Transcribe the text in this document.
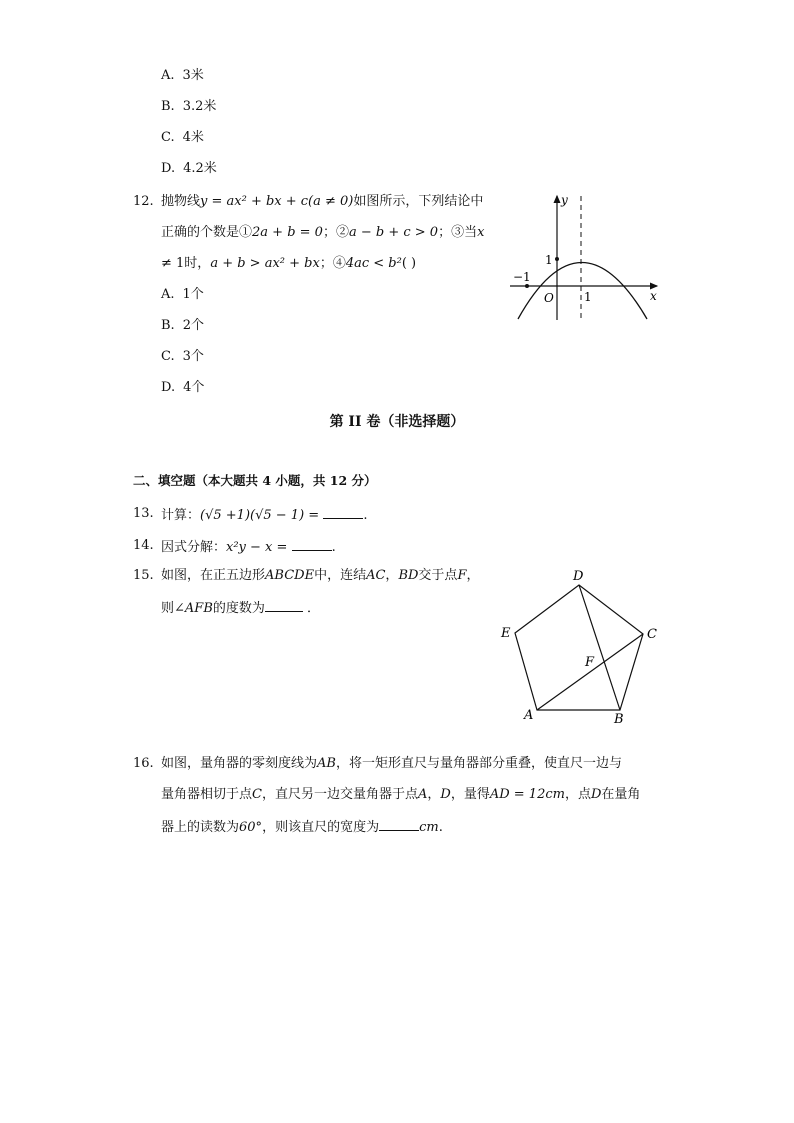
A. 3米
B. 3.2米
C. 4米
D. 4.2米
12. 抛物线y = ax² + bx + c(a ≠ 0)如图所示，下列结论中
正确的个数是①2a + b = 0；②a − b + c > 0；③当x
≠ 1时，a + b > ax² + bx；④4ac < b²( )
A. 1个
B. 2个
C. 3个
D. 4个
y
x
1
−1
O	1
第 II 卷（非选择题）
二、填空题（本大题共 4 小题，共 12 分）
13. 计算：(√5 +1)(√5 − 1) =	.
14. 因式分解：x²y − x =	.
15. 如图，在正五边形ABCDE中，连结AC，BD交于点F，
则∠AFB的度数为	．
A	B
C
D
E
F
16. 如图，量角器的零刻度线为AB，将一矩形直尺与量角器部分重叠，使直尺一边与
量角器相切于点C，直尺另一边交量角器于点A，D，量得AD = 12cm，点D在量角
器上的读数为60°，则该直尺的宽度为	cm.
